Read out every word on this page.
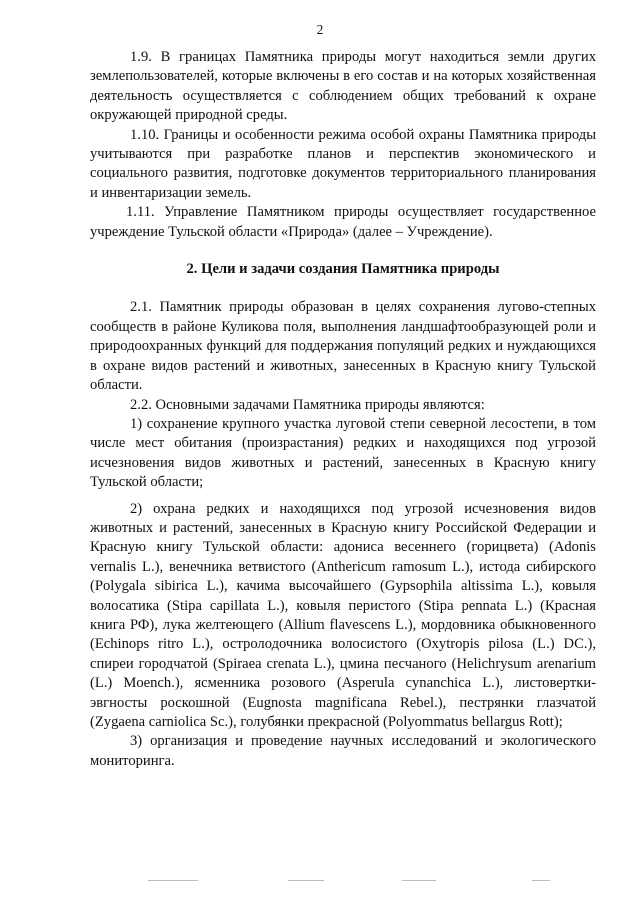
2

1.9. В границах Памятника природы могут находиться земли других землепользователей, которые включены в его состав и на которых хозяйственная деятельность осуществляется с соблюдением общих требований к охране окружающей природной среды.

1.10. Границы и особенности режима особой охраны Памятника природы учитываются при разработке планов и перспектив экономического и социального развития, подготовке документов территориального планирования и инвентаризации земель.

1.11. Управление Памятником природы осуществляет государственное учреждение Тульской области «Природа» (далее – Учреждение).

2. Цели и задачи создания Памятника природы

2.1. Памятник природы образован в целях сохранения лугово-степных сообществ в районе Куликова поля, выполнения ландшафтообразующей роли и природоохранных функций для поддержания популяций редких и нуждающихся в охране видов растений и животных, занесенных в Красную книгу Тульской области.

2.2. Основными задачами Памятника природы являются:

1) сохранение крупного участка луговой степи северной лесостепи, в том числе мест обитания (произрастания) редких и находящихся под угрозой исчезновения видов животных и растений, занесенных в Красную книгу Тульской области;

2) охрана редких и находящихся под угрозой исчезновения видов животных и растений, занесенных в Красную книгу Российской Федерации и Красную книгу Тульской области: адониса весеннего (горицвета) (Adonis vernalis L.), венечника ветвистого (Anthericum ramosum L.), истода сибирского (Polygala sibirica L.), качима высочайшего (Gypsophila altissima L.), ковыля волосатика (Stipa capillata L.), ковыля перистого (Stipa pennata L.) (Красная книга РФ), лука желтеющего (Allium flavescens L.), мордовника обыкновенного (Echinops ritro L.), остролодочника волосистого (Oxytropis pilosa (L.) DC.), спиреи городчатой (Spiraea crenata L.), цмина песчаного (Helichrysum arenarium (L.) Moench.), ясменника розового (Asperula cynanchica L.), листовертки-эвгносты роскошной (Eugnosta magnificana Rebel.), пестрянки глазчатой (Zygaena carniolica Sc.), голубянки прекрасной (Polyommatus bellargus Rott);

3) организация и проведение научных исследований и экологического мониторинга.
